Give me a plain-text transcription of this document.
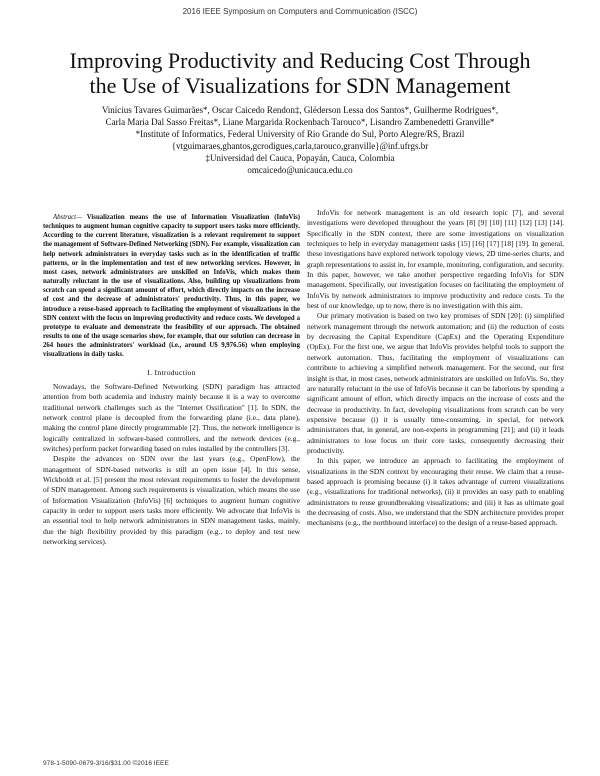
2016 IEEE Symposium on Computers and Communication (ISCC)
Improving Productivity and Reducing Cost Through
the Use of Visualizations for SDN Management
Vinícius Tavares Guimarães*, Oscar Caicedo Rendon‡, Gléderson Lessa dos Santos*, Guilherme Rodrigues*,
Carla Maria Dal Sasso Freitas*, Liane Margarida Rockenbach Tarouco*, Lisandro Zambenedetti Granville*
*Institute of Informatics, Federal University of Rio Grande do Sul, Porto Alegre/RS, Brazil
{vtguimaraes,ghantos,gcrodigues,carla,tarouco,granville}@inf.ufrgs.br
‡Universidad del Cauca, Popayán, Cauca, Colombia
omcaicedo@unicauca.edu.co

Abstract— Visualization means the use of Information Visualization (InfoVis) techniques to augment human cognitive capacity to support users tasks more efficiently. According to the current literature, visualization is a relevant requirement to support the management of Software-Defined Networking (SDN). For example, visualization can help network administrators in everyday tasks such as in the identification of traffic patterns, or in the implementation and test of new networking services. However, in most cases, network administrators are unskilled on InfoVis, which makes them naturally reluctant in the use of visualizations. Also, building up visualizations from scratch can spend a significant amount of effort, which directly impacts on the increase of cost and the decrease of administrators' productivity. Thus, in this paper, we introduce a reuse-based approach to facilitating the employment of visualizations in the SDN context with the focus on improving productivity and reduce costs. We developed a prototype to evaluate and demonstrate the feasibility of our approach. The obtained results to one of the usage scenarios show, for example, that our solution can decrease in 264 hours the administrators' workload (i.e., around U$ 9,976.56) when employing visualizations in daily tasks.

I. Introduction

Nowadays, the Software-Defined Networking (SDN) paradigm has attracted attention from both academia and industry mainly because it is a way to overcome traditional network challenges such as the "Internet Ossification" [1]. In SDN, the network control plane is decoupled from the forwarding plane (i.e., data plane), making the control plane directly programmable [2]. Thus, the network intelligence is logically centralized in software-based controllers, and the network devices (e.g., switches) perform packet forwarding based on rules installed by the controllers [3].

Despite the advances on SDN over the last years (e.g., OpenFlow), the management of SDN-based networks is still an open issue [4]. In this sense, Wickboldt et al. [5] present the most relevant requirements to foster the development of SDN management. Among such requirements is visualization, which means the use of Information Visualization (InfoVis) [6] techniques to augment human cognitive capacity in order to support users tasks more efficiently. We advocate that InfoVis is an essential tool to help network administrators in SDN management tasks, mainly, due the high flexibility provided by this paradigm (e.g., to deploy and test new networking services).

InfoVis for network management is an old research topic [7], and several investigations were developed throughout the years [8] [9] [10] [11] [12] [13] [14]. Specifically in the SDN context, there are some investigations on visualization techniques to help in everyday management tasks [15] [16] [17] [18] [19]. In general, these investigations have explored network topology views, 2D time-series charts, and graph representations to assist in, for example, monitoring, configuration, and security. In this paper, however, we take another perspective regarding InfoVis for SDN management. Specifically, our investigation focuses on facilitating the employment of InfoVis by network administrators to improve productivity and reduce costs. To the best of our knowledge, up to now, there is no investigation with this aim.

Our primary motivation is based on two key promises of SDN [20]: (i) simplified network management through the network automation; and (ii) the reduction of costs by decreasing the Capital Expenditure (CapEx) and the Operating Expenditure (OpEx). For the first one, we argue that InfoVis provides helpful tools to support the network automation. Thus, facilitating the employment of visualizations can contribute to achieving a simplified network management. For the second, our first insight is that, in most cases, network administrators are unskilled on InfoVis. So, they are naturally reluctant in the use of InfoVis because it can be laborious by spending a significant amount of effort, which directly impacts on the increase of costs and the decrease in productivity. In fact, developing visualizations from scratch can be very expensive because (i) it is usually time-consuming, in special, for network administrators that, in general, are non-experts in programming [21]; and (ii) it leads administrators to lose focus on their core tasks, consequently decreasing their productivity.

In this paper, we introduce an approach to facilitating the employment of visualizations in the SDN context by encouraging their reuse. We claim that a reuse-based approach is promising because (i) it takes advantage of current visualizations (e.g., visualizations for traditional networks), (ii) it provides an easy path to enabling administrators to reuse groundbreaking visualizations; and (iii) it has as ultimate goal the decreasing of costs. Also, we understand that the SDN architecture provides proper mechanisms (e.g., the northbound interface) to the design of a reuse-based approach.

978-1-5090-0679-3/16/$31.00 ©2016 IEEE
